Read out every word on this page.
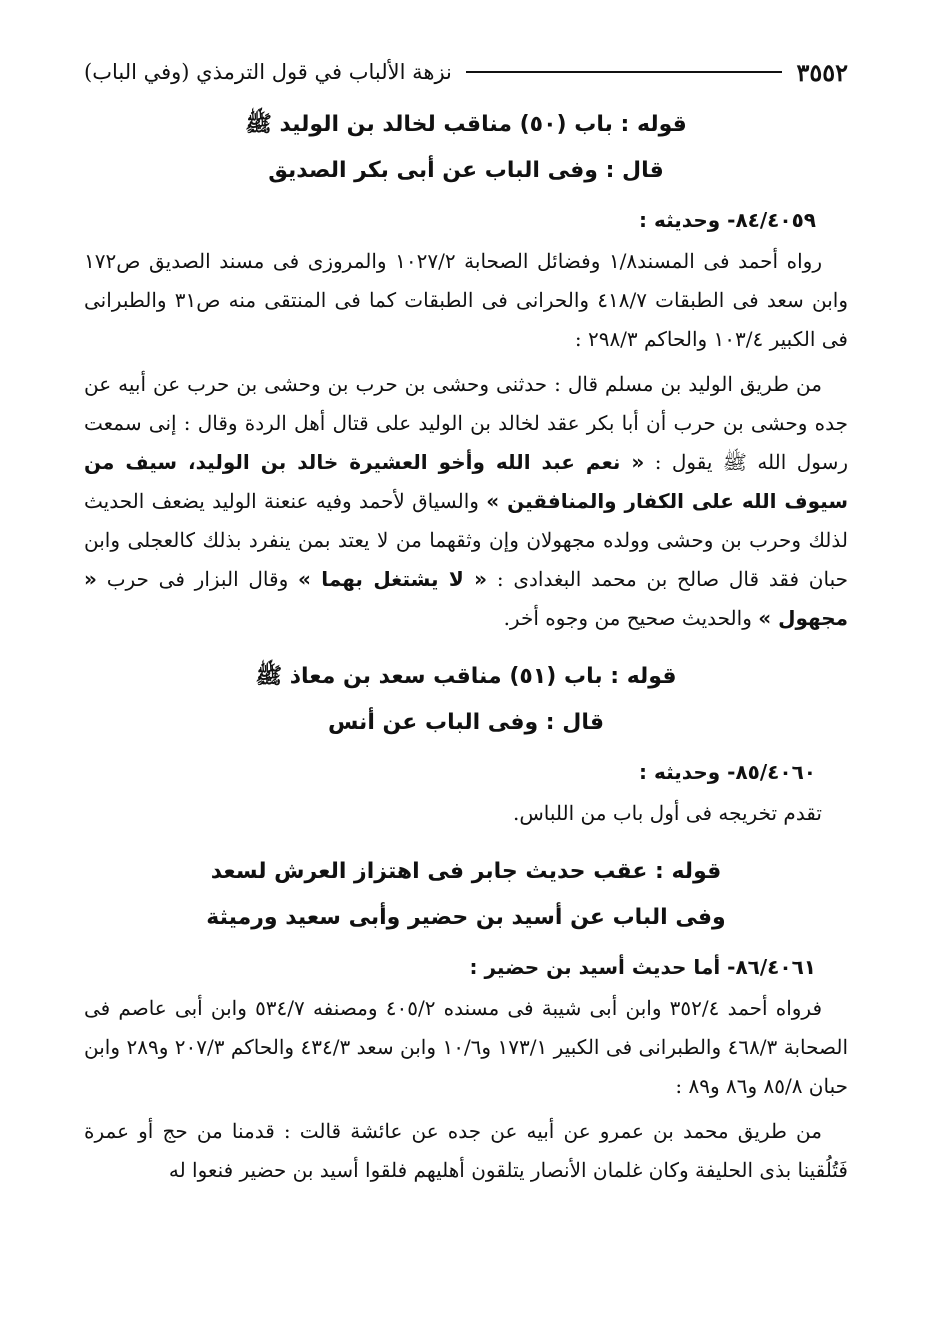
٣٥٥٢
نزهة الألباب في قول الترمذي (وفي الباب)

قوله : باب (٥٠) مناقب لخالد بن الوليد ﷺ

قال : وفى الباب عن أبى بكر الصديق

٨٤/٤٠٥٩- وحديثه :

رواه أحمد فى المسند١/٨ وفضائل الصحابة ١٠٢٧/٢ والمروزى فى مسند الصديق ص١٧٢ وابن سعد فى الطبقات ٤١٨/٧ والحرانى فى الطبقات كما فى المنتقى منه ص٣١ والطبرانى فى الكبير ١٠٣/٤ والحاكم ٢٩٨/٣ :

من طريق الوليد بن مسلم قال : حدثنى وحشى بن حرب بن وحشى بن حرب عن أبيه عن جده وحشى بن حرب أن أبا بكر عقد لخالد بن الوليد على قتال أهل الردة وقال : إنى سمعت رسول الله ﷺ يقول : « نعم عبد الله وأخو العشيرة خالد بن الوليد، سيف من سيوف الله على الكفار والمنافقين » والسياق لأحمد وفيه عنعنة الوليد يضعف الحديث لذلك وحرب بن وحشى وولده مجهولان وإن وثقهما من لا يعتد بمن ينفرد بذلك كالعجلى وابن حبان فقد قال صالح بن محمد البغدادى : « لا يشتغل بهما » وقال البزار فى حرب « مجهول » والحديث صحيح من وجوه أخر.

قوله : باب (٥١) مناقب سعد بن معاذ ﷺ

قال : وفى الباب عن أنس

٨٥/٤٠٦٠- وحديثه :

تقدم تخريجه فى أول باب من اللباس.

قوله : عقب حديث جابر فى اهتزاز العرش لسعد

وفى الباب عن أسيد بن حضير وأبى سعيد ورميثة

٨٦/٤٠٦١- أما حديث أسيد بن حضير :

فرواه أحمد ٣٥٢/٤ وابن أبى شيبة فى مسنده ٤٠٥/٢ ومصنفه ٥٣٤/٧ وابن أبى عاصم فى الصحابة ٤٦٨/٣ والطبرانى فى الكبير ١٧٣/١ و١٠/٦ وابن سعد ٤٣٤/٣ والحاكم ٢٠٧/٣ و٢٨٩ وابن حبان ٨٥/٨ و٨٦ و٨٩ :

من طريق محمد بن عمرو عن أبيه عن جده عن عائشة قالت : قدمنا من حج أو عمرة فَتُلُقينا بذى الحليفة وكان غلمان الأنصار يتلقون أهليهم فلقوا أسيد بن حضير فنعوا له
